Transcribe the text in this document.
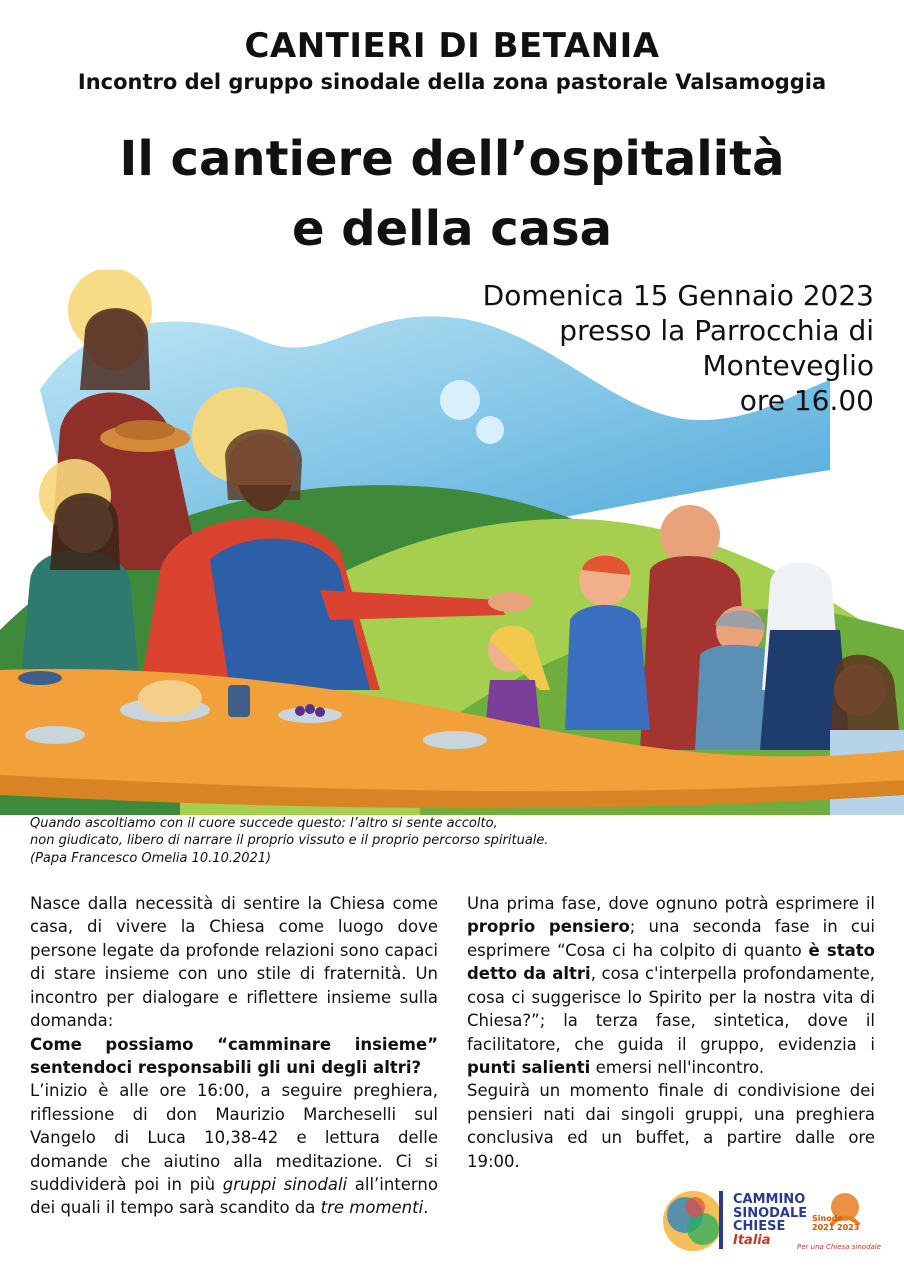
CANTIERI DI BETANIA
Incontro del gruppo sinodale della zona pastorale Valsamoggia
Il cantiere dell’ospitalità
e della casa
Domenica 15 Gennaio 2023
presso la Parrocchia di
Monteveglio
ore 16.00
Quando ascoltiamo con il cuore succede questo: l’altro si sente accolto,
non giudicato, libero di narrare il proprio vissuto e il proprio percorso spirituale.
(Papa Francesco Omelia 10.10.2021)

Nasce dalla necessità di sentire la Chiesa come casa, di vivere la Chiesa come luogo dove persone legate da profonde relazioni sono capaci di stare insieme con uno stile di fraternità. Un incontro per dialogare e riflettere insieme sulla domanda:

Come possiamo “camminare insieme” sentendoci responsabili gli uni degli altri?

L’inizio è alle ore 16:00, a seguire preghiera, riflessione di don Maurizio Marcheselli sul Vangelo di Luca 10,38-42 e lettura delle domande che aiutino alla meditazione. Ci si suddividerà poi in più gruppi sinodali all’interno dei quali il tempo sarà scandito da tre momenti.

Una prima fase, dove ognuno potrà esprimere il proprio pensiero; una seconda fase in cui esprimere “Cosa ci ha colpito di quanto è stato detto da altri, cosa c'interpella profondamente, cosa ci suggerisce lo Spirito per la nostra vita di Chiesa?”; la terza fase, sintetica, dove il facilitatore, che guida il gruppo, evidenzia i punti salienti emersi nell'incontro.

Seguirà un momento finale di condivisione dei pensieri nati dai singoli gruppi, una preghiera conclusiva ed un buffet, a partire dalle ore 19:00.

CAMMINO
SINODALE
CHIESE
Italia
Sinodo
2021 2023
Per una Chiesa sinodale
